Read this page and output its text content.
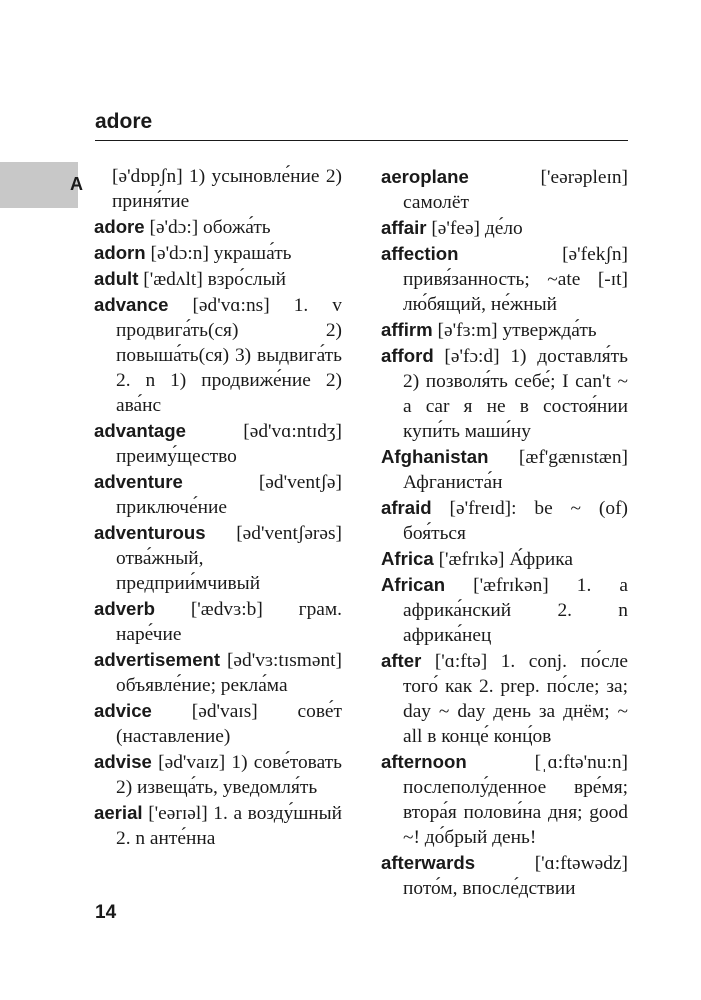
adore
A	[ə'dɒpʃn] 1) усыновле́ние 2) приня́тие

adore [ə'dɔ:] обожа́ть

adorn [ə'dɔ:n] украша́ть

adult ['ædʌlt] взро́слый

advance [əd'vɑ:ns] 1. v продвига́ть(ся) 2) повыша́ть(ся) 3) выдвига́ть 2. n 1) продвиже́ние 2) ава́нс

advantage [əd'vɑ:ntɪdʒ] преиму́щество

adventure [əd'ventʃə] приключе́ние

adventurous [əd'ventʃərəs] отва́жный, предприи́мчивый

adverb ['ædvɜ:b] грам. наре́чие

advertisement [əd'vɜ:tɪsmənt] объявле́ние; рекла́ма

advice [əd'vaɪs] сове́т (наставление)

advise [əd'vaɪz] 1) сове́товать 2) извеща́ть, уведомля́ть

aerial ['eərɪəl] 1. a возду́шный 2. n анте́нна

aeroplane ['eərəpleɪn] самолёт

affair [ə'feə] де́ло

affection [ə'fekʃn] привя́занность; ~ate [-ɪt] лю́бящий, не́жный

affirm [ə'fɜ:m] утвержда́ть

afford [ə'fɔ:d] 1) доставля́ть 2) позволя́ть себе́; I can't ~ a car я не в состоя́нии купи́ть маши́ну

Afghanistan [æf'gænɪstæn] Афганиста́н

afraid [ə'freɪd]: be ~ (of) боя́ться

Africa ['æfrɪkə] А́фрика

African ['æfrɪkən] 1. a африка́нский 2. n африка́нец

after ['ɑ:ftə] 1. conj. по́сле того́ как 2. prep. по́сле; за; day ~ day день за днём; ~ all в конце́ конц́ов

afternoon [ˌɑ:ftə'nu:n] послеполу́денное вре́мя; втора́я полови́на дня; good ~! до́брый день!

afterwards ['ɑ:ftəwədz] пото́м, впосле́дствии

14
